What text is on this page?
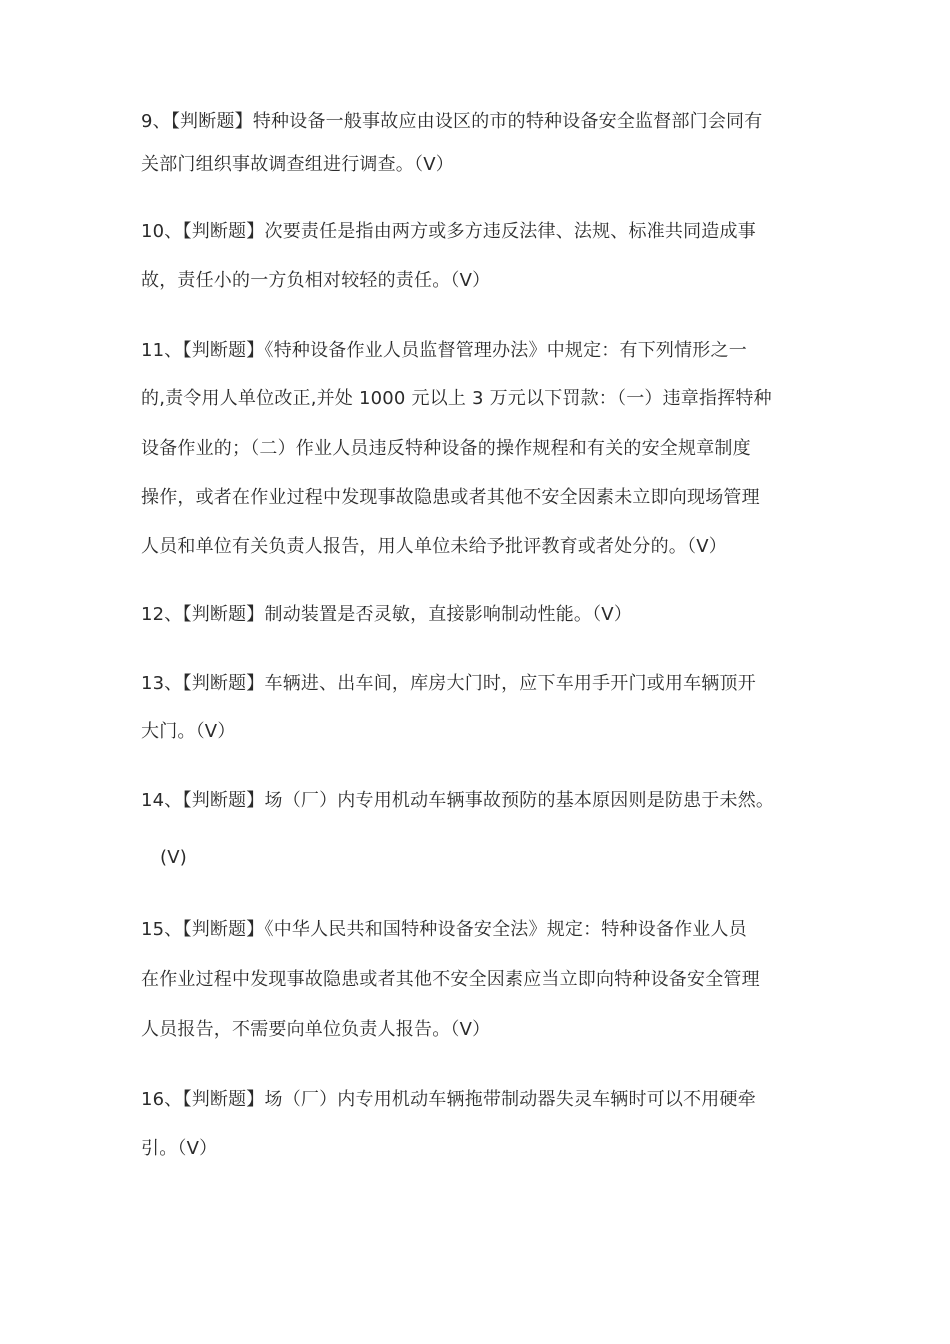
9、【判断题】特种设备一般事故应由设区的市的特种设备安全监督部门会同有
关部门组织事故调查组进行调查。（V）
10、【判断题】次要责任是指由两方或多方违反法律、法规、标准共同造成事
故，责任小的一方负相对较轻的责任。（V）
11、【判断题】《特种设备作业人员监督管理办法》中规定：有下列情形之一
的,责令用人单位改正,并处 1000 元以上 3 万元以下罚款：（一）违章指挥特种
设备作业的；（二）作业人员违反特种设备的操作规程和有关的安全规章制度
操作，或者在作业过程中发现事故隐患或者其他不安全因素未立即向现场管理
人员和单位有关负责人报告，用人单位未给予批评教育或者处分的。（V）
12、【判断题】制动装置是否灵敏，直接影响制动性能。（V）
13、【判断题】车辆进、出车间，库房大门时，应下车用手开门或用车辆顶开
大门。（V）
14、【判断题】场（厂）内专用机动车辆事故预防的基本原因则是防患于未然。
(V)
15、【判断题】《中华人民共和国特种设备安全法》规定：特种设备作业人员
在作业过程中发现事故隐患或者其他不安全因素应当立即向特种设备安全管理
人员报告，不需要向单位负责人报告。（V）
16、【判断题】场（厂）内专用机动车辆拖带制动器失灵车辆时可以不用硬牵
引。（V）
